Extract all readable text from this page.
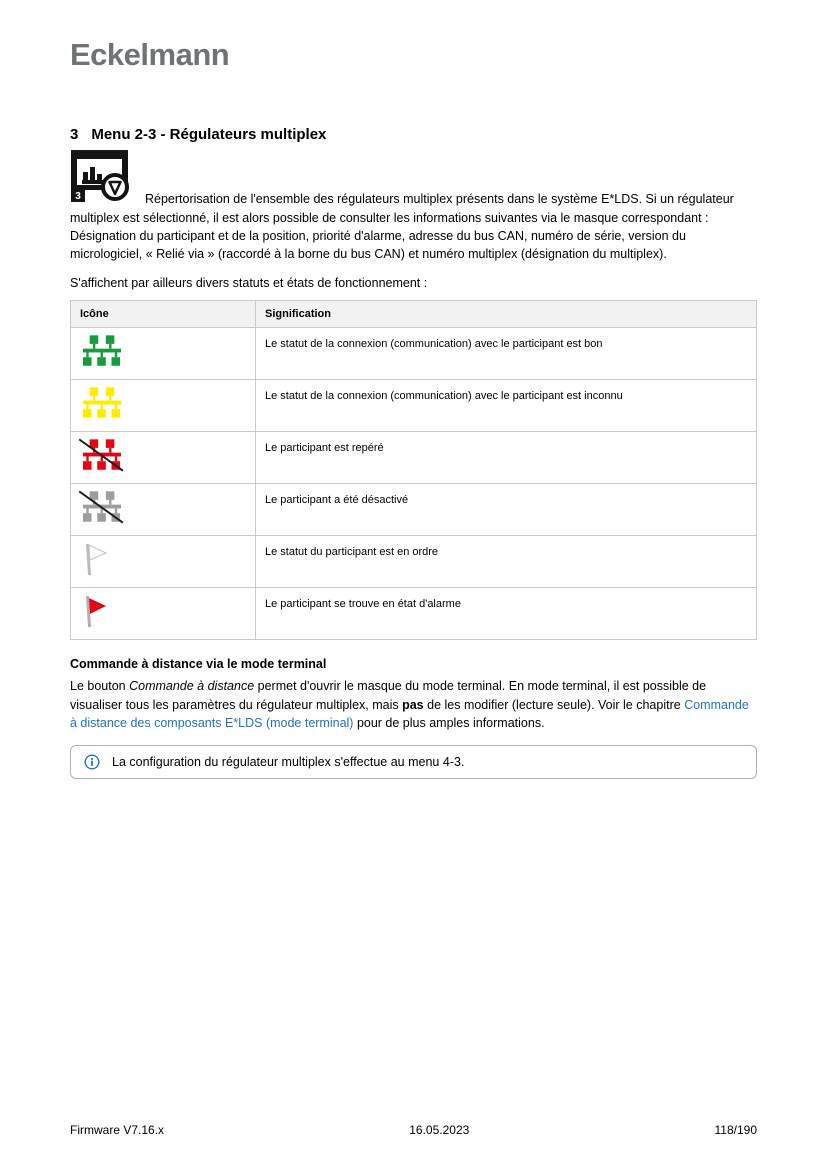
Eckelmann
3 Menu 2-3 - Régulateurs multiplex

3	Répertorisation de l'ensemble des régulateurs multiplex présents dans le système E*LDS. Si un régulateur multiplex est sélectionné, il est alors possible de consulter les informations suivantes via le masque correspondant : Désignation du participant et de la position, priorité d'alarme, adresse du bus CAN, numéro de série, version du micrologiciel, « Relié via » (raccordé à la borne du bus CAN) et numéro multiplex (désignation du multiplex).

S'affichent par ailleurs divers statuts et états de fonctionnement :

Icône	Signification
	Le statut de la connexion (communication) avec le participant est bon
	Le statut de la connexion (communication) avec le participant est inconnu
	Le participant est repéré
	Le participant a été désactivé
	Le statut du participant est en ordre
	Le participant se trouve en état d'alarme
Commande à distance via le mode terminal

Le bouton Commande à distance permet d'ouvrir le masque du mode terminal. En mode terminal, il est possible de visualiser tous les paramètres du régulateur multiplex, mais pas de les modifier (lecture seule). Voir le chapitre Commande à distance des composants E*LDS (mode terminal) pour de plus amples informations.

La configuration du régulateur multiplex s'effectue au menu 4-3.
Firmware V7.16.x	16.05.2023	118/190
